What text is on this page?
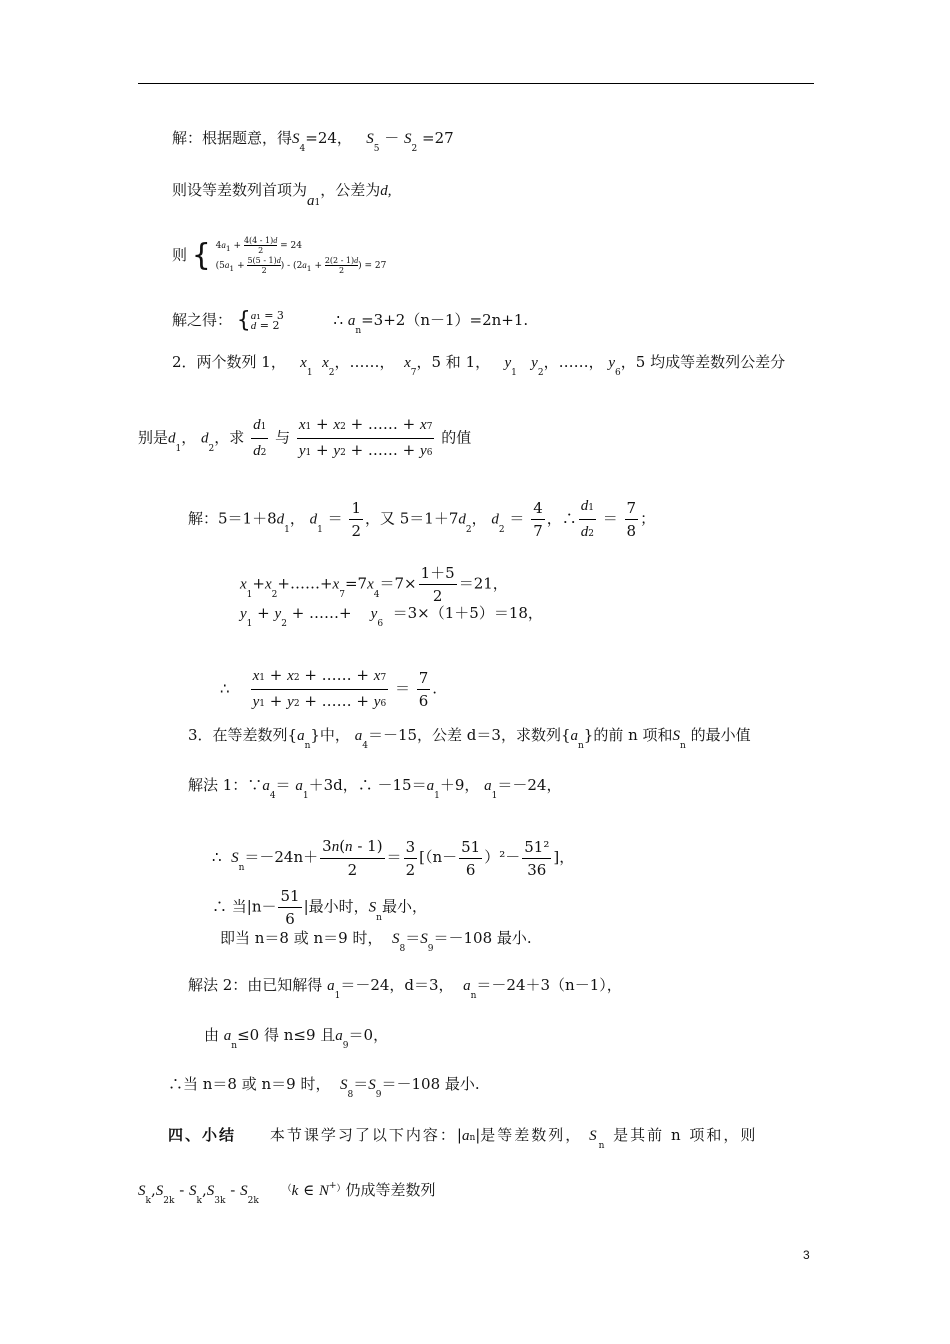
解：根据题意，得$S_4=24$， $S_5 - S_2 =27$
则设等差数列首项为a1，公差为d,
则 { $4a_1 + \frac{4(4 - 1)d}{2} = 24$
($5a_1 + \frac{5(5 - 1)d}{2}$ ) - ($2a_1 + \frac{2(2 - 1)d}{2}$ ) = 27
解之得： { a₁ = 3
d = 2	∴ $a_n=3+2(n-1)=2n+1$.
2．两个数列 1， $x_1$  $x_2$，……， $x_7$，5 和 1， $y_1$   $y_2$，……， $y_6$，5 均成等差数列公差分
别是$d_1$， $d_2$，求 $\frac{d1}{d2}$ 与 $\frac{x1 + x2 + \dots\dots + x7}{y1 + y2 + \dots\dots + y6}$ 的值
解：$5=1+8d_1$， $d_1 = \frac{1}{2}$ ，又 $5=1+7d_2$， $d_2 = \frac{4}{7}$ ，∴ $\frac{d1}{d2} = \frac{7}{8}$ ；
$x_1+x_2+\dots\dots+x_7=7x_4=7\times \frac{1+5}{2} =21$，
$y_1 + y_2$ + ……+    $y_6 =3\times(1+5)=18$，
∴ $\frac{x1 + x2 + \dots\dots + x7}{y1 + y2 + \dots\dots + y6} = \frac{7}{6}$ .
3．在等差数列$\{a_n\}$中， $a_4=-15$，公差 d＝3，求数列$\{a_n\}$的前 n 项和$S_n$ 的最小值
解法 1：$\because a_4= a_1+3d$，∴ $-15=a_1+9$， $a_1=-24$，
∴ $S_n=-24n+ \frac{3n(n - 1)}{2} = \frac{3}{2} [(n- \frac{51}{6} )^2- \frac{\text{51²}}{36}$ ]，
∴ 当$|n- \frac{51}{6}$ |最小时，$S_n$最小，
即当 n＝8 或 n＝9 时， $S_8=S_9=-108$ 最小.
解法 2：由已知解得 $a_1=-24$，d＝3， $a_n=-24+3(n-1)$，
由 $a_n\le 0$ 得 n≤9 且$a_9=0$，
∴当 n＝8 或 n＝9 时， $S_8=S_9=-108$ 最小.
四、小结 本节课学习了以下内容：|an|是等差数列， $S_n$ 是其前 n 项和，则
$S_k,S_{2k} - S_k,S_{3k} - S_{2k}$     （k ∈ N+）仍成等差数列
3
